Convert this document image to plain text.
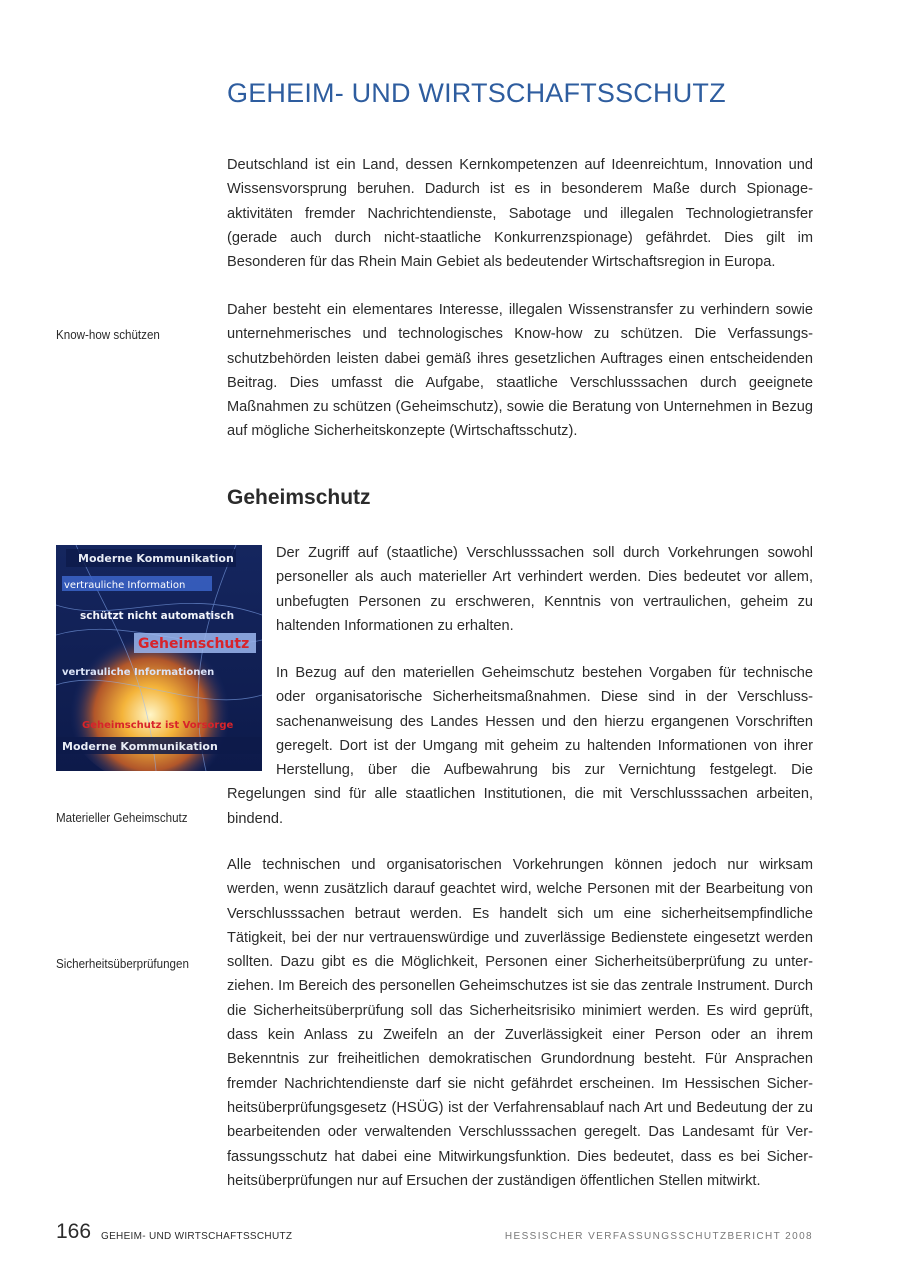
GEHEIM- UND WIRTSCHAFTSSCHUTZ

Deutschland ist ein Land, dessen Kernkompetenzen auf Ideenreichtum, Innovation und Wissensvorsprung beruhen. Dadurch ist es in besonderem Maße durch Spionageaktivitäten fremder Nachrichtendienste, Sabotage und illegalen Technologietransfer (gerade auch durch nicht-staatliche Konkurrenzspionage) gefährdet. Dies gilt im Besonderen für das Rhein Main Gebiet als bedeutender Wirtschaftsregion in Europa.

Daher besteht ein elementares Interesse, illegalen Wissenstransfer zu verhindern sowie unternehmerisches und technologisches Know-how zu schützen. Die Verfassungsschutzbehörden leisten dabei gemäß ihres gesetzlichen Auftrages einen entscheidenden Beitrag. Dies umfasst die Aufgabe, staatliche Verschlusssachen durch geeignete Maßnahmen zu schützen (Geheimschutz), sowie die Beratung von Unternehmen in Bezug auf mögliche Sicherheitskonzepte (Wirtschaftsschutz).

Know-how schützen
Geheimschutz
Moderne Kommunikation
vertrauliche Information
schützt nicht automatisch
Geheimschutz
vertrauliche Informationen
Geheimschutz ist Vorsorge
Moderne Kommunikation

Der Zugriff auf (staatliche) Verschlusssachen soll durch Vorkehrungen sowohl personeller als auch materieller Art verhindert werden. Dies bedeutet vor allem, unbefugten Personen zu erschweren, Kenntnis von vertraulichen, geheim zu haltenden Informationen zu erhalten.

In Bezug auf den materiellen Geheimschutz bestehen Vorgaben für technische oder organisatorische Sicherheitsmaßnahmen. Diese sind in der Verschlusssachenanweisung des Landes Hessen und den hierzu ergangenen Vorschriften geregelt. Dort ist der Umgang mit geheim zu haltenden Informationen von ihrer Herstellung, über die Aufbewahrung bis zur Vernichtung festgelegt. Die Regelungen sind für alle staatlichen Institutionen, die mit Verschlusssachen arbeiten, bindend.
Materieller Geheimschutz

Alle technischen und organisatorischen Vorkehrungen können jedoch nur wirksam werden, wenn zusätzlich darauf geachtet wird, welche Personen mit der Bearbeitung von Verschlusssachen betraut werden. Es handelt sich um eine sicherheitsempfindliche Tätigkeit, bei der nur vertrauenswürdige und zuverlässige Bedienstete eingesetzt werden sollten. Dazu gibt es die Möglichkeit, Personen einer Sicherheitsüberprüfung zu unterziehen. Im Bereich des personellen Geheimschutzes ist sie das zentrale Instrument. Durch die Sicherheitsüberprüfung soll das Sicherheitsrisiko minimiert werden. Es wird geprüft, dass kein Anlass zu Zweifeln an der Zuverlässigkeit einer Person oder an ihrem Bekenntnis zur freiheitlichen demokratischen Grundordnung besteht. Für Ansprachen fremder Nachrichtendienste darf sie nicht gefährdet erscheinen. Im Hessischen Sicherheitsüberprüfungsgesetz (HSÜG) ist der Verfahrensablauf nach Art und Bedeutung der zu bearbeitenden oder verwaltenden Verschlusssachen geregelt. Das Landesamt für Verfassungsschutz hat dabei eine Mitwirkungsfunktion. Dies bedeutet, dass es bei Sicherheitsüberprüfungen nur auf Ersuchen der zuständigen öffentlichen Stellen mitwirkt.

Sicherheitsüberprüfungen
166 GEHEIM- UND WIRTSCHAFTSSCHUTZ	HESSISCHER VERFASSUNGSSCHUTZBERICHT 2008
